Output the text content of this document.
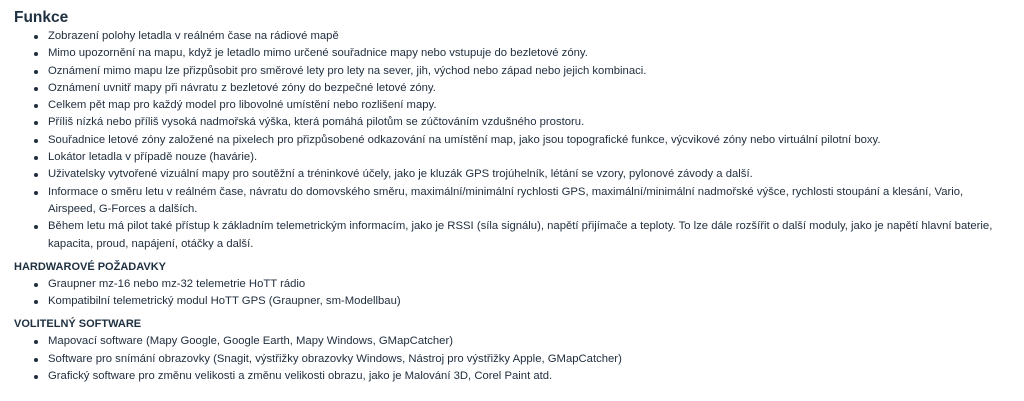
Funkce
Zobrazení polohy letadla v reálném čase na rádiové mapě
Mimo upozornění na mapu, když je letadlo mimo určené souřadnice mapy nebo vstupuje do bezletové zóny.
Oznámení mimo mapu lze přizpůsobit pro směrové lety pro lety na sever, jih, východ nebo západ nebo jejich kombinaci.
Oznámení uvnitř mapy při návratu z bezletové zóny do bezpečné letové zóny.
Celkem pět map pro každý model pro libovolné umístění nebo rozlišení mapy.
Příliš nízká nebo příliš vysoká nadmořská výška, která pomáhá pilotům se zúčtováním vzdušného prostoru.
Souřadnice letové zóny založené na pixelech pro přizpůsobené odkazování na umístění map, jako jsou topografické funkce, výcvikové zóny nebo virtuální pilotní boxy.
Lokátor letadla v případě nouze (havárie).
Uživatelsky vytvořené vizuální mapy pro soutěžní a tréninkové účely, jako je kluzák GPS trojúhelník, létání se vzory, pylonové závody a další.
Informace o směru letu v reálném čase, návratu do domovského směru, maximální/minimální rychlosti GPS, maximální/minimální nadmořské výšce, rychlosti stoupání a klesání, Vario, Airspeed, G-Forces a dalších.
Během letu má pilot také přístup k základním telemetrickým informacím, jako je RSSI (síla signálu), napětí přijímače a teploty. To lze dále rozšířit o další moduly, jako je napětí hlavní baterie, kapacita, proud, napájení, otáčky a další.
HARDWAROVÉ POŽADAVKY
Graupner mz-16 nebo mz-32 telemetrie HoTT rádio
Kompatibilní telemetrický modul HoTT GPS (Graupner, sm-Modellbau)
VOLITELNÝ SOFTWARE
Mapovací software (Mapy Google, Google Earth, Mapy Windows, GMapCatcher)
Software pro snímání obrazovky (Snagit, výstřižky obrazovky Windows, Nástroj pro výstřižky Apple, GMapCatcher)
Grafický software pro změnu velikosti a změnu velikosti obrazu, jako je Malování 3D, Corel Paint atd.
